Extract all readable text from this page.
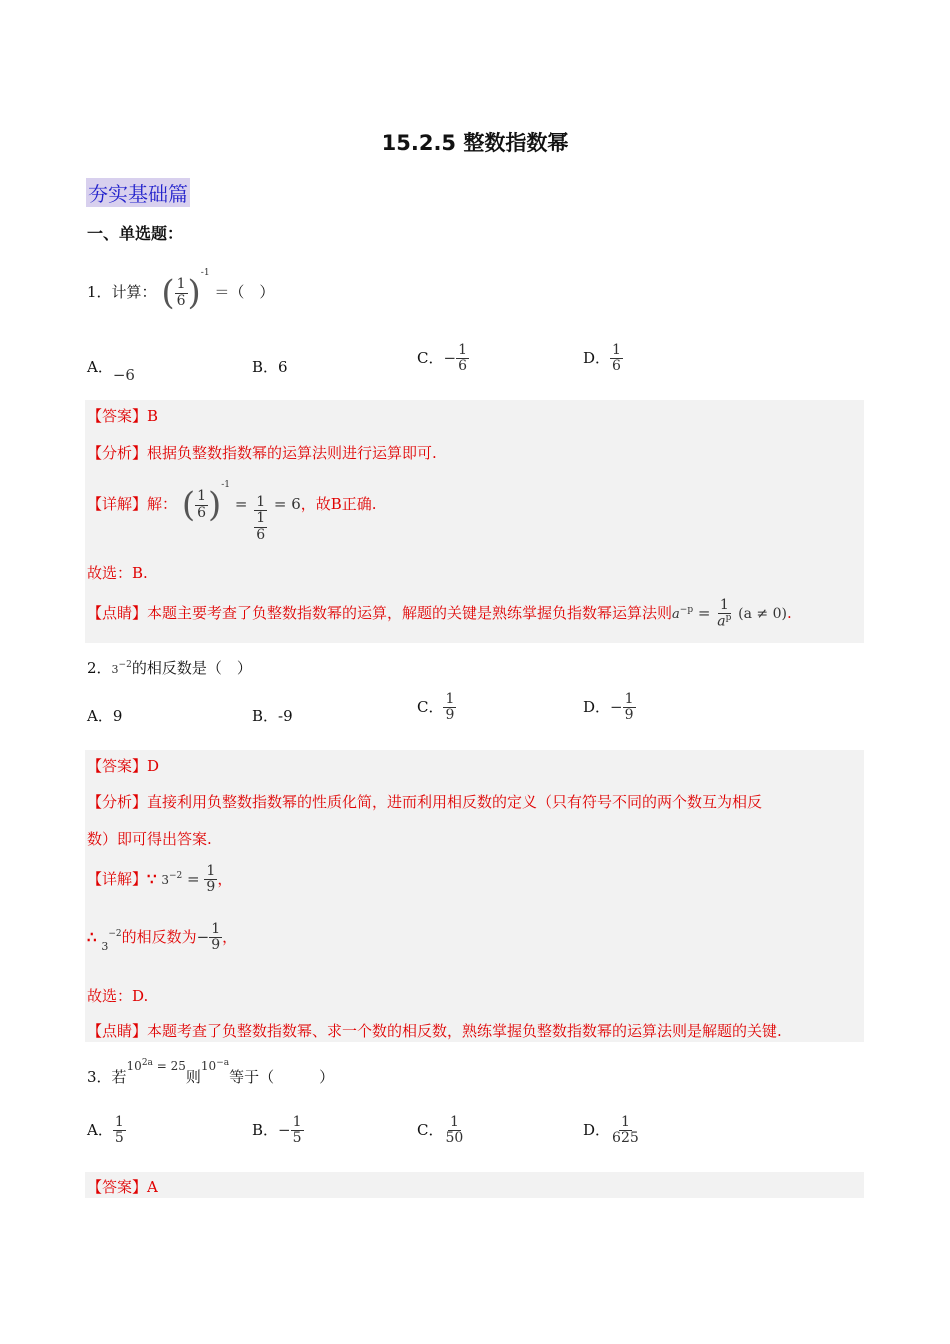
15.2.5 整数指数幂
夯实基础篇
一、单选题：
1．计算： ( $\frac{1}{6} )^{-1}$ ＝（　）
A．−6	B．6
C．− $\frac{1}{6}$	D． $\frac{1}{6}$
【答案】B
【分析】根据负整数指数幂的运算法则进行运算即可.
【详解】解： ( $\frac{1}{6} )^{-1} = \frac{1}{\frac{1}{6}} = 6$，故B正确.
故选：B.
【点睛】本题主要考查了负整数指数幂的运算，解题的关键是熟练掌握负指数幂运算法则$a^{-p} = \frac{1}{a^p} (a \ne 0)$.
2．$3^{-2}$的相反数是（　）
A．9	B．-9
C． $\frac{1}{9}$	D．− $\frac{1}{9}$
【答案】D
【分析】直接利用负整数指数幂的性质化简，进而利用相反数的定义（只有符号不同的两个数互为相反
数）即可得出答案.
【详解】∵ $3^{-2} = \frac{1}{9}$ ，
∴ $_3^{-2}$的相反数为− $\frac{1}{9}$ ，
故选：D.
【点睛】本题考查了负整数指数幂、求一个数的相反数，熟练掌握负整数指数幂的运算法则是解题的关键.
3．若$^{10^{2a} = 25}$则$^{10^{-a}}$等于（　　　）
A． $\frac{1}{5}$	B．− $\frac{1}{5}$	C． $\frac{1}{50}$	D． $\frac{1}{625}$
【答案】A
